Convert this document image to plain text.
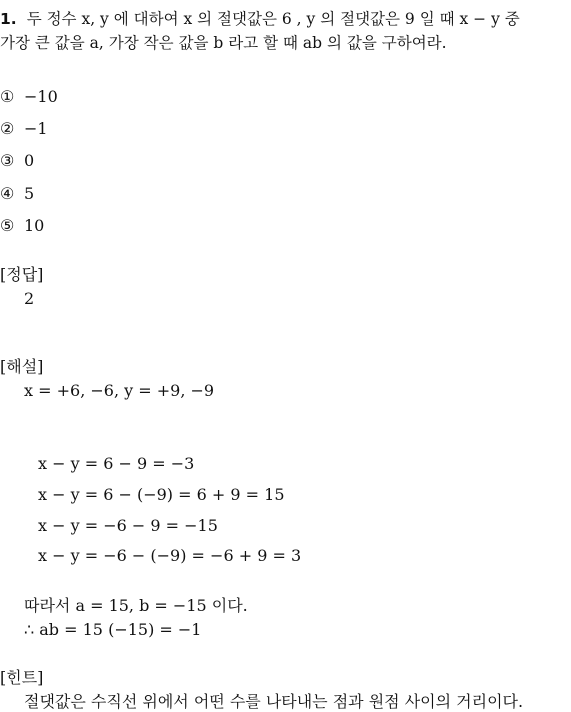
1. 두 정수 x, y 에 대하여 x 의 절댓값은 6 , y 의 절댓값은 9 일 때 x − y 중
가장 큰 값을 a, 가장 작은 값을 b 라고 할 때 ab 의 값을 구하여라.
① −10
② −1
③ 0
④ 5
⑤ 10
[정답]
2
[해설]
x = +6, −6, y = +9, −9
x − y = 6 − 9 = −3
x − y = 6 − (−9) = 6 + 9 = 15
x − y = −6 − 9 = −15
x − y = −6 − (−9) = −6 + 9 = 3
따라서 a = 15, b = −15 이다.
∴ ab = 15 (−15) = −1
[힌트]
절댓값은 수직선 위에서 어떤 수를 나타내는 점과 원점 사이의 거리이다.
